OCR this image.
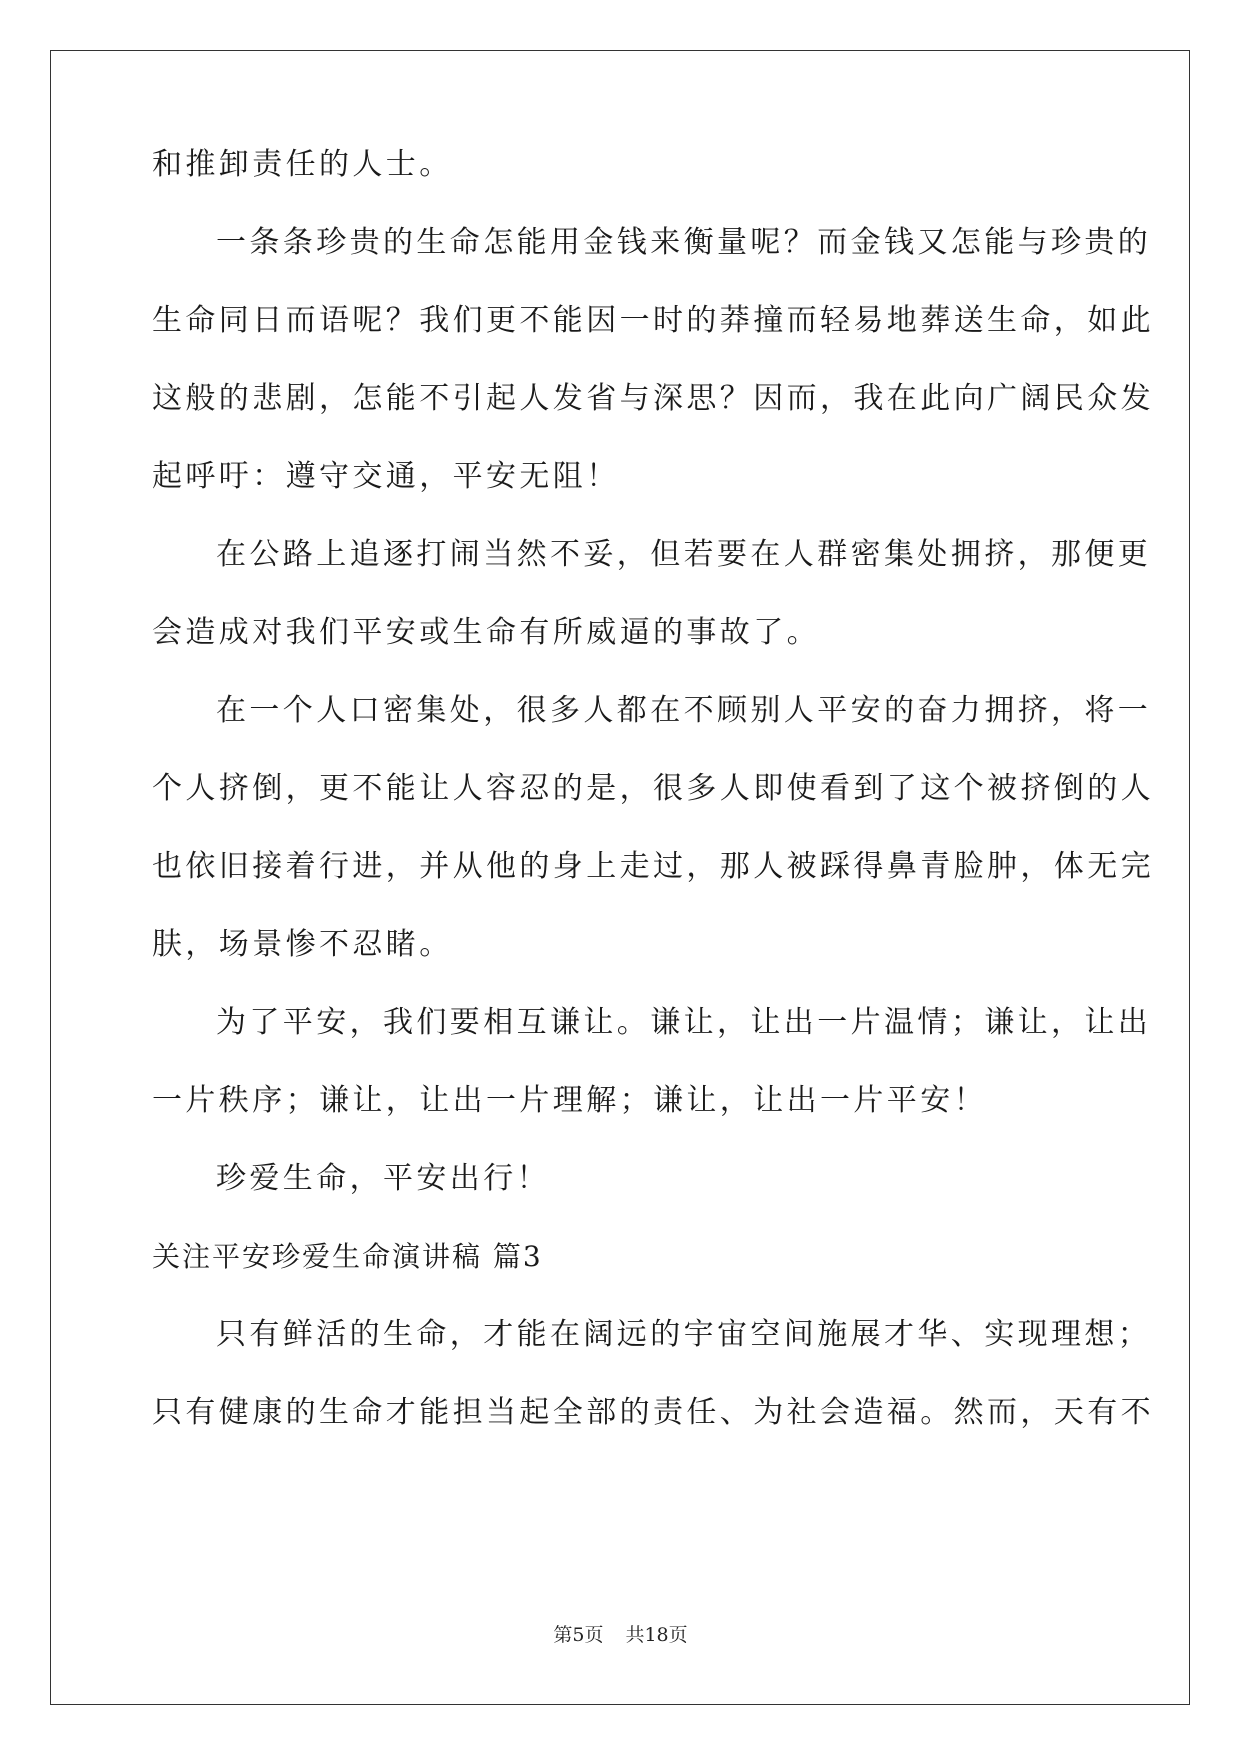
和推卸责任的人士。
一条条珍贵的生命怎能用金钱来衡量呢？而金钱又怎能与珍贵的
生命同日而语呢？我们更不能因一时的莽撞而轻易地葬送生命，如此
这般的悲剧，怎能不引起人发省与深思？因而，我在此向广阔民众发
起呼吁：遵守交通，平安无阻！
在公路上追逐打闹当然不妥，但若要在人群密集处拥挤，那便更
会造成对我们平安或生命有所威逼的事故了。
在一个人口密集处，很多人都在不顾别人平安的奋力拥挤，将一
个人挤倒，更不能让人容忍的是，很多人即使看到了这个被挤倒的人
也依旧接着行进，并从他的身上走过，那人被踩得鼻青脸肿，体无完
肤，场景惨不忍睹。
为了平安，我们要相互谦让。谦让，让出一片温情；谦让，让出
一片秩序；谦让，让出一片理解；谦让，让出一片平安！
珍爱生命，平安出行！
关注平安珍爱生命演讲稿 篇3
只有鲜活的生命，才能在阔远的宇宙空间施展才华、实现理想；
只有健康的生命才能担当起全部的责任、为社会造福。然而，天有不
第5页 共18页
